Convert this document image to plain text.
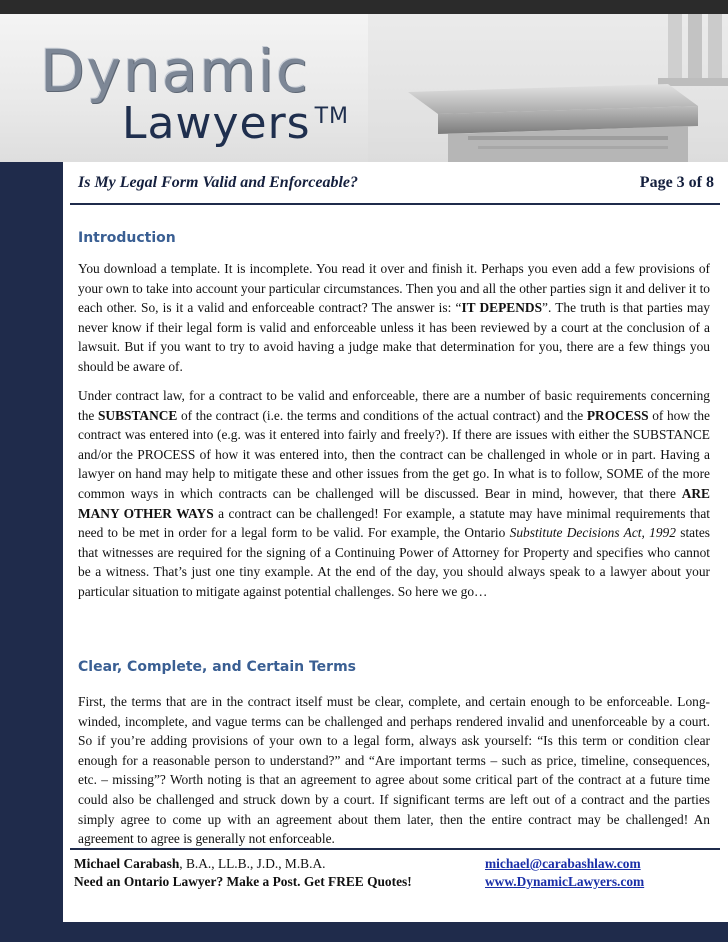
Dynamic
Lawyers ™
Is My Legal Form Valid and Enforceable?	Page 3 of 8
Introduction

You download a template. It is incomplete. You read it over and finish it. Perhaps you even add a few provisions of your own to take into account your particular circumstances. Then you and all the other parties sign it and deliver it to each other. So, is it a valid and enforceable contract? The answer is: “IT DEPENDS”. The truth is that parties may never know if their legal form is valid and enforceable unless it has been reviewed by a court at the conclusion of a lawsuit. But if you want to try to avoid having a judge make that determination for you, there are a few things you should be aware of.

Under contract law, for a contract to be valid and enforceable, there are a number of basic requirements concerning the SUBSTANCE of the contract (i.e. the terms and conditions of the actual contract) and the PROCESS of how the contract was entered into (e.g. was it entered into fairly and freely?). If there are issues with either the SUBSTANCE and/or the PROCESS of how it was entered into, then the contract can be challenged in whole or in part. Having a lawyer on hand may help to mitigate these and other issues from the get go. In what is to follow, SOME of the more common ways in which contracts can be challenged will be discussed. Bear in mind, however, that there ARE MANY OTHER WAYS a contract can be challenged! For example, a statute may have minimal requirements that need to be met in order for a legal form to be valid. For example, the Ontario Substitute Decisions Act, 1992 states that witnesses are required for the signing of a Continuing Power of Attorney for Property and specifies who cannot be a witness. That’s just one tiny example. At the end of the day, you should always speak to a lawyer about your particular situation to mitigate against potential challenges. So here we go…

Clear, Complete, and Certain Terms

First, the terms that are in the contract itself must be clear, complete, and certain enough to be enforceable. Long-winded, incomplete, and vague terms can be challenged and perhaps rendered invalid and unenforceable by a court. So if you’re adding provisions of your own to a legal form, always ask yourself: “Is this term or condition clear enough for a reasonable person to understand?” and “Are important terms – such as price, timeline, consequences, etc. – missing”? Worth noting is that an agreement to agree about some critical part of the contract at a future time could also be challenged and struck down by a court. If significant terms are left out of a contract and the parties simply agree to come up with an agreement about them later, then the entire contract may be challenged! An agreement to agree is generally not enforceable.

Michael Carabash, B.A., LL.B., J.D., M.B.A.
Need an Ontario Lawyer? Make a Post. Get FREE Quotes!
michael@carabashlaw.com
www.DynamicLawyers.com
